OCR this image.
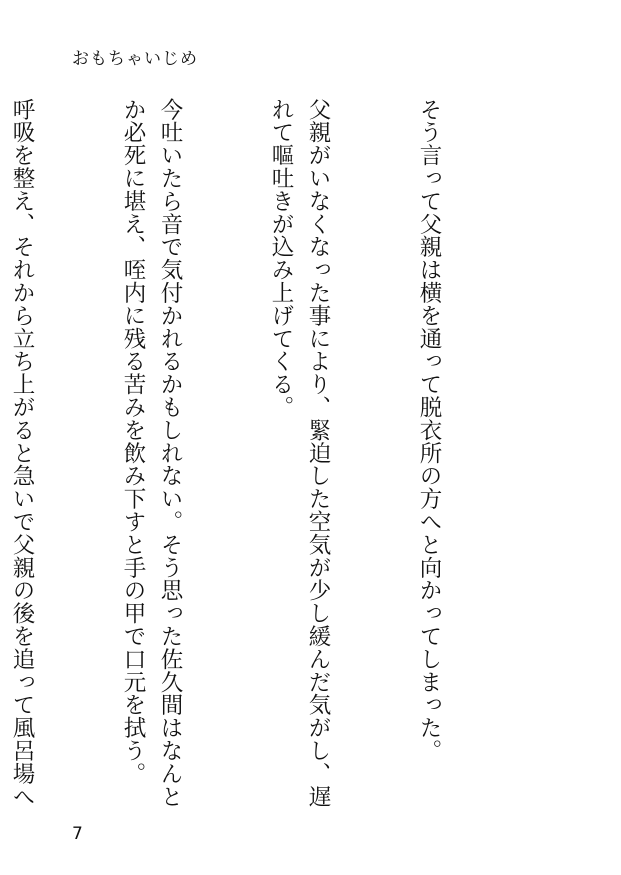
おもちゃいじめ

そう言って父親は横を通って脱衣所の方へと向かってしまった。

父親がいなくなった事により、緊迫した空気が少し緩んだ気がし、遅れて嘔吐きが込み上げてくる。

今吐いたら音で気付かれるかもしれない。そう思った佐久間はなんとか必死に堪え、咥内に残る苦みを飲み下すと手の甲で口元を拭う。

呼吸を整え、それから立ち上がると急いで父親の後を追って風呂場へ

7
